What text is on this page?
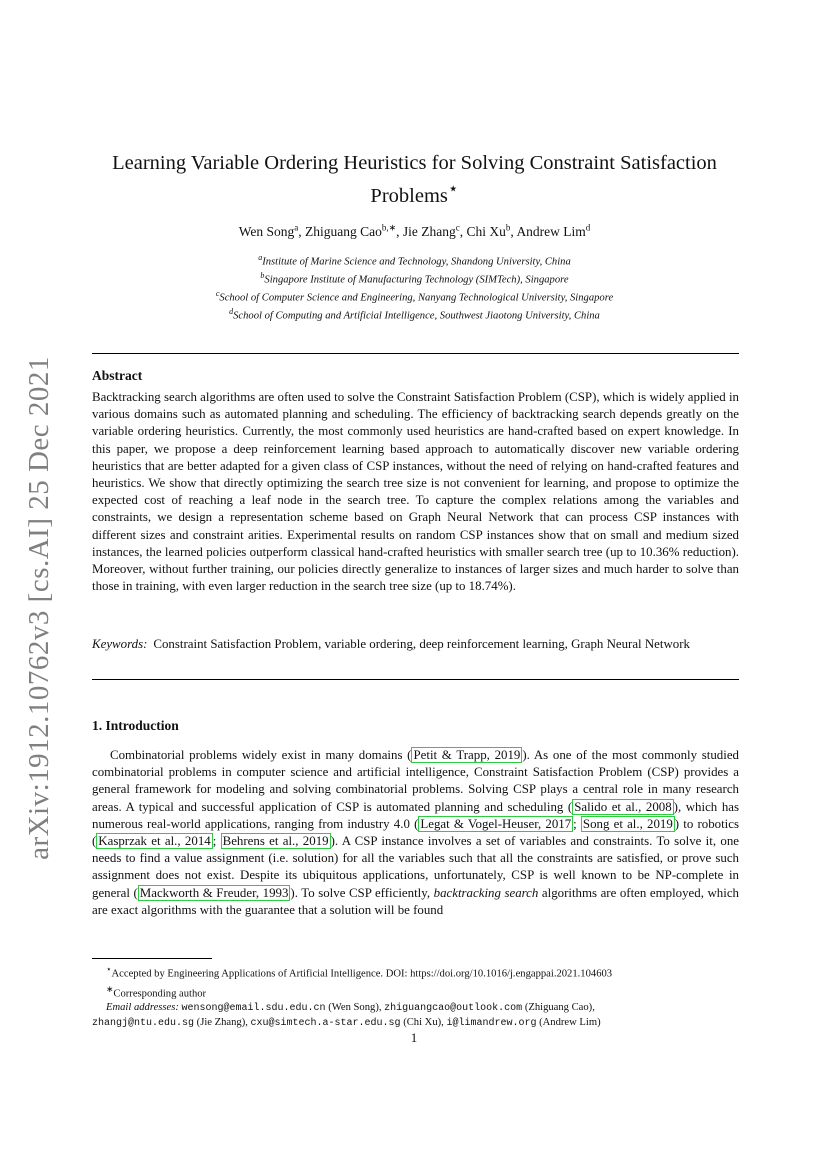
arXiv:1912.10762v3 [cs.AI] 25 Dec 2021
Learning Variable Ordering Heuristics for Solving Constraint Satisfaction
Problems⋆
Wen Song$^a$, Zhiguang Cao$^{b,∗}$, Jie Zhang$^c$, Chi Xu$^b$, Andrew Lim$^d$
$^a$Institute of Marine Science and Technology, Shandong University, China
$^b$Singapore Institute of Manufacturing Technology (SIMTech), Singapore
$^c$School of Computer Science and Engineering, Nanyang Technological University, Singapore
$^d$School of Computing and Artificial Intelligence, Southwest Jiaotong University, China
Abstract
Backtracking search algorithms are often used to solve the Constraint Satisfaction Problem (CSP), which is widely applied in various domains such as automated planning and scheduling. The efficiency of backtracking search depends greatly on the variable ordering heuristics. Currently, the most commonly used heuristics are hand-crafted based on expert knowledge. In this paper, we propose a deep reinforcement learning based approach to automatically discover new variable ordering heuristics that are better adapted for a given class of CSP instances, without the need of relying on hand-crafted features and heuristics. We show that directly optimizing the search tree size is not convenient for learning, and propose to optimize the expected cost of reaching a leaf node in the search tree. To capture the complex relations among the variables and constraints, we design a representation scheme based on Graph Neural Network that can process CSP instances with different sizes and constraint arities. Experimental results on random CSP instances show that on small and medium sized instances, the learned policies outperform classical hand-crafted heuristics with smaller search tree (up to 10.36% reduction). Moreover, without further training, our policies directly generalize to instances of larger sizes and much harder to solve than those in training, with even larger reduction in the search tree size (up to 18.74%).
Keywords: Constraint Satisfaction Problem, variable ordering, deep reinforcement learning, Graph Neural Network
1. Introduction
Combinatorial problems widely exist in many domains ( Petit & Trapp, 2019 ). As one of the most commonly studied combinatorial problems in computer science and artificial intelligence, Constraint Satisfaction Problem (CSP) provides a general framework for modeling and solving combinatorial problems. Solving CSP plays a central role in many research areas. A typical and successful application of CSP is automated planning and scheduling ( Salido et al., 2008 ), which has numerous real-world applications, ranging from industry 4.0 ( Legat & Vogel-Heuser, 2017 ; Song et al., 2019 ) to robotics ( Kasprzak et al., 2014 ; Behrens et al., 2019 ). A CSP instance involves a set of variables and constraints. To solve it, one needs to find a value assignment (i.e. solution) for all the variables such that all the constraints are satisfied, or prove such assignment does not exist. Despite its ubiquitous applications, unfortunately, CSP is well known to be NP-complete in general ( Mackworth & Freuder, 1993 ). To solve CSP efficiently, backtracking search algorithms are often employed, which are exact algorithms with the guarantee that a solution will be found
⋆Accepted by Engineering Applications of Artificial Intelligence. DOI: https://doi.org/10.1016/j.engappai.2021.104603
∗Corresponding author
Email addresses: wensong@email.sdu.edu.cn (Wen Song), zhiguangcao@outlook.com (Zhiguang Cao),
zhangj@ntu.edu.sg (Jie Zhang), cxu@simtech.a-star.edu.sg (Chi Xu), i@limandrew.org (Andrew Lim)
1
